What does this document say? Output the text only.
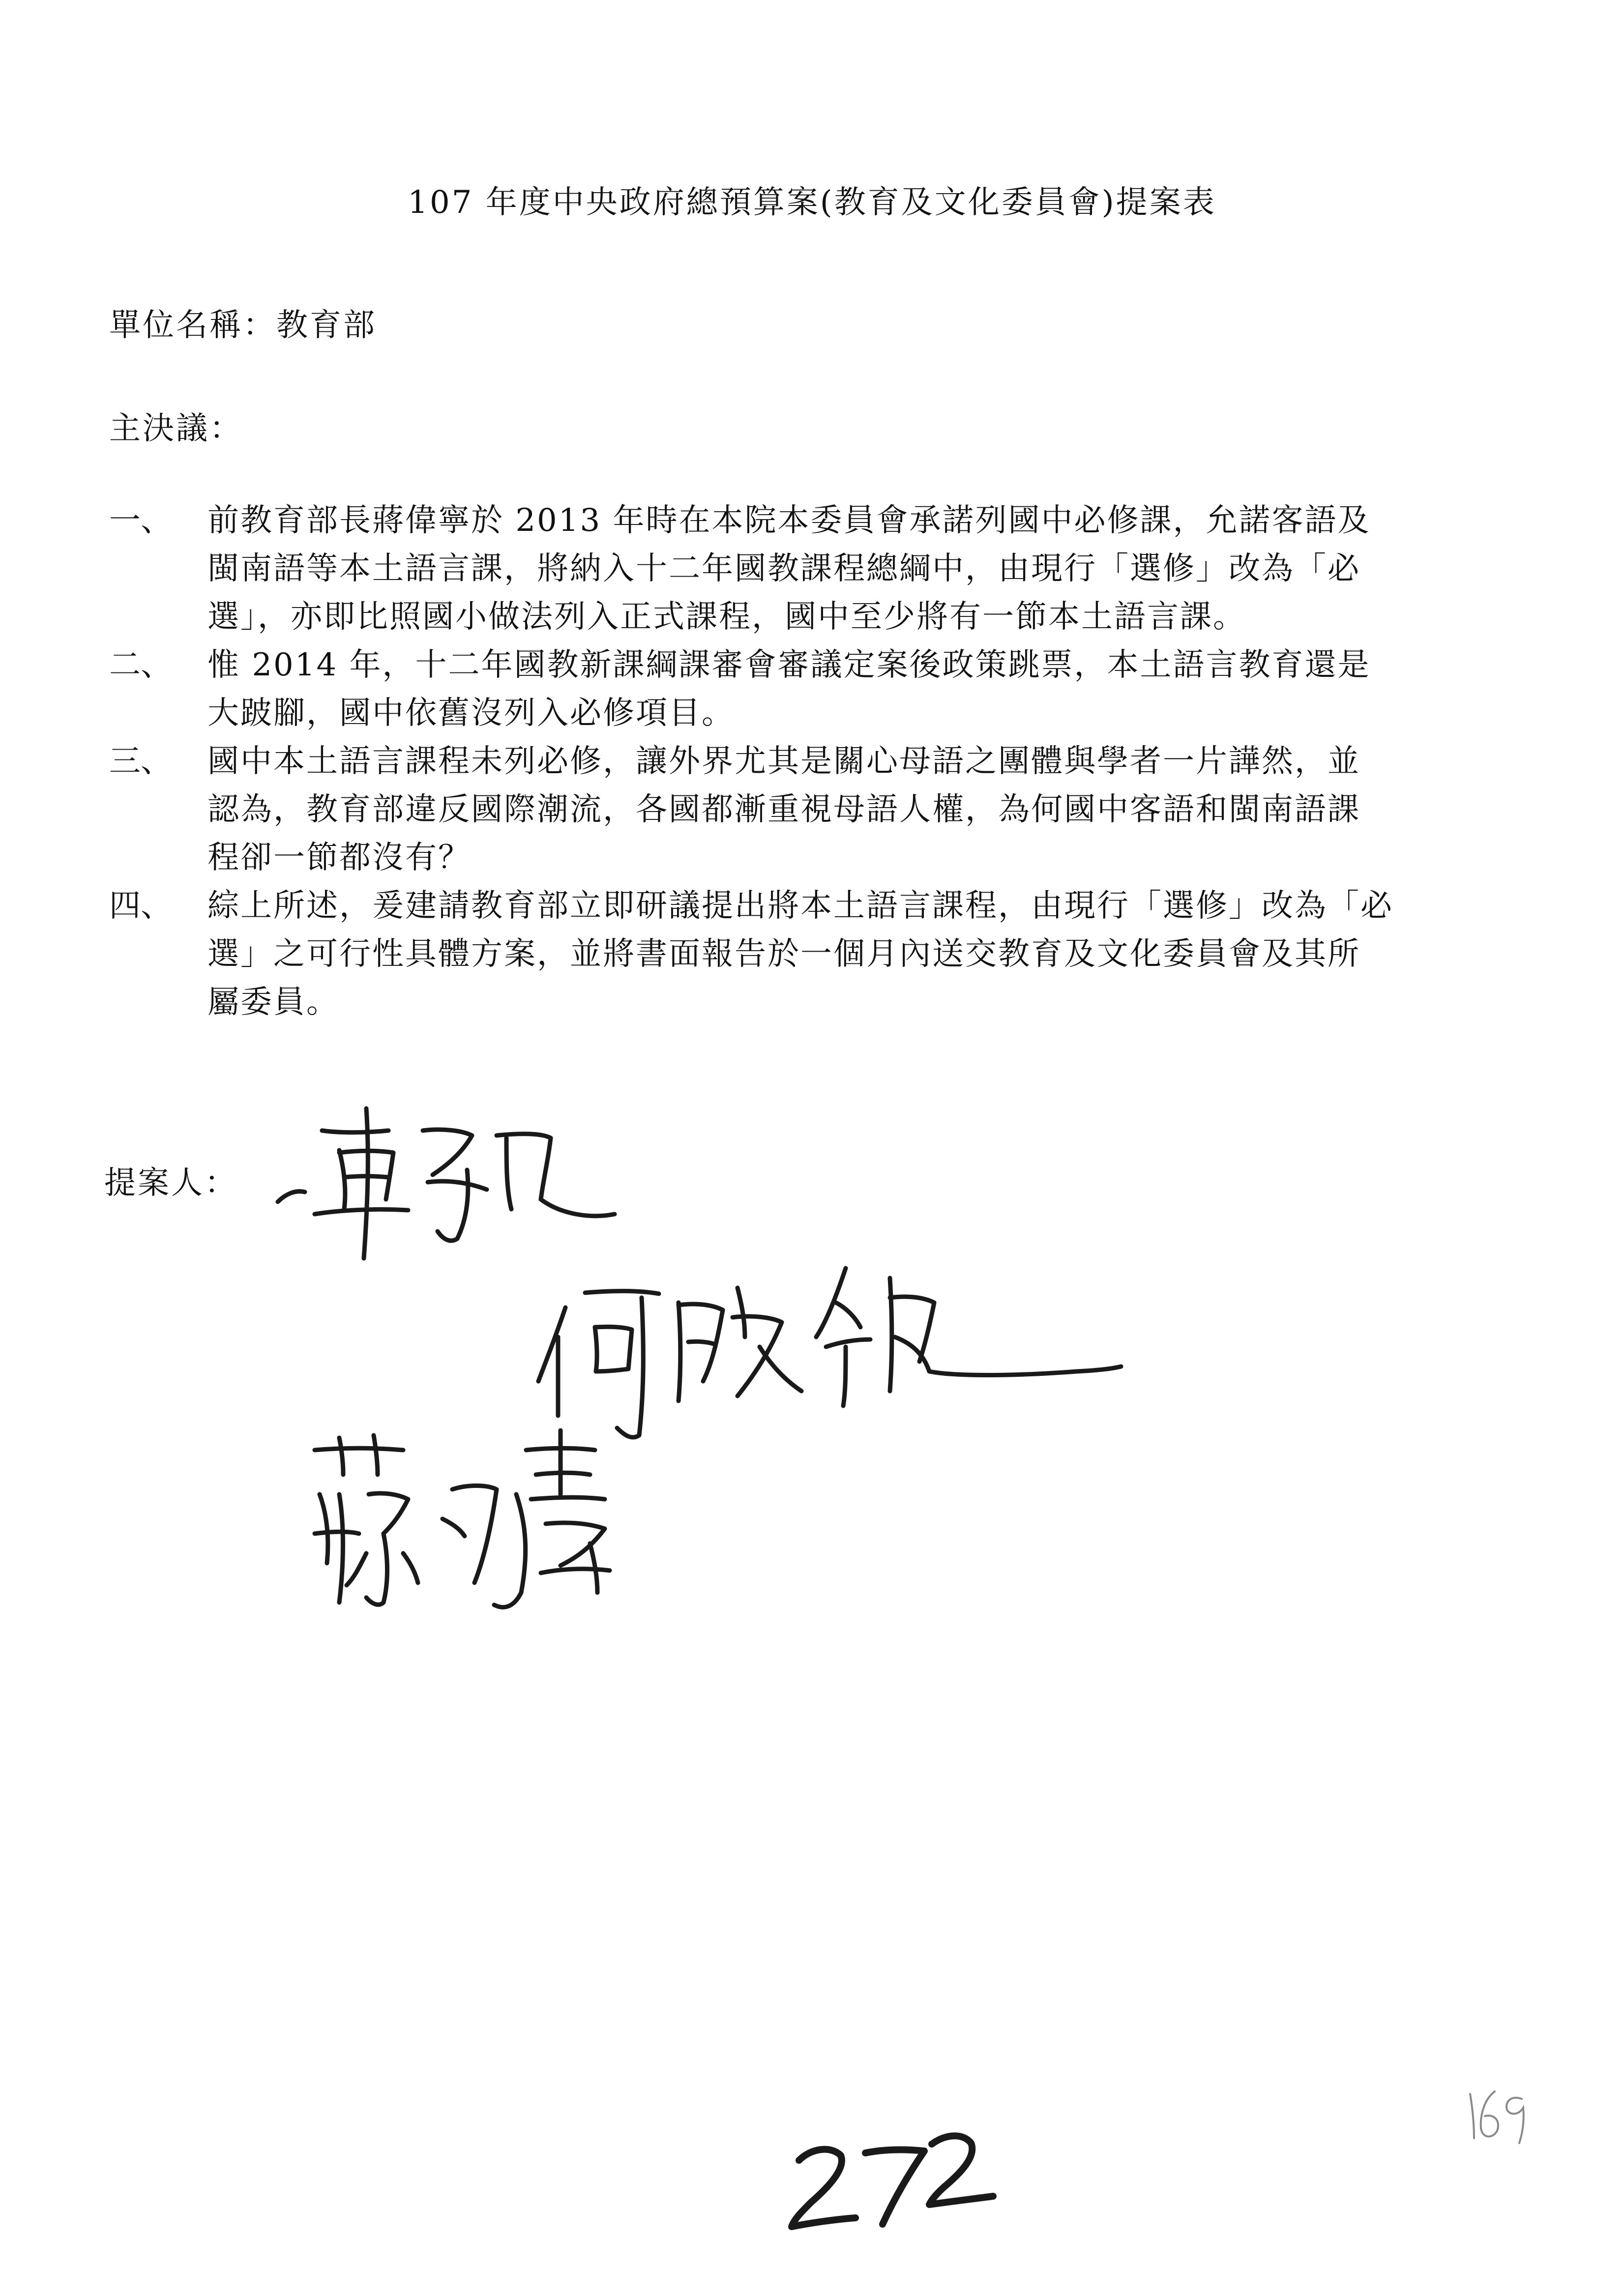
107 年度中央政府總預算案(教育及文化委員會)提案表
單位名稱：教育部
主決議：
一、	前教育部長蔣偉寧於 2013 年時在本院本委員會承諾列國中必修課，允諾客語及
閩南語等本土語言課，將納入十二年國教課程總綱中，由現行「選修」改為「必
選」，亦即比照國小做法列入正式課程，國中至少將有一節本土語言課。
二、	惟 2014 年，十二年國教新課綱課審會審議定案後政策跳票，本土語言教育還是
大跛腳，國中依舊沒列入必修項目。
三、	國中本土語言課程未列必修，讓外界尤其是關心母語之團體與學者一片譁然，並
認為，教育部違反國際潮流，各國都漸重視母語人權，為何國中客語和閩南語課
程卻一節都沒有？
四、	綜上所述，爰建請教育部立即研議提出將本土語言課程，由現行「選修」改為「必
選」之可行性具體方案，並將書面報告於一個月內送交教育及文化委員會及其所
屬委員。
提案人：
